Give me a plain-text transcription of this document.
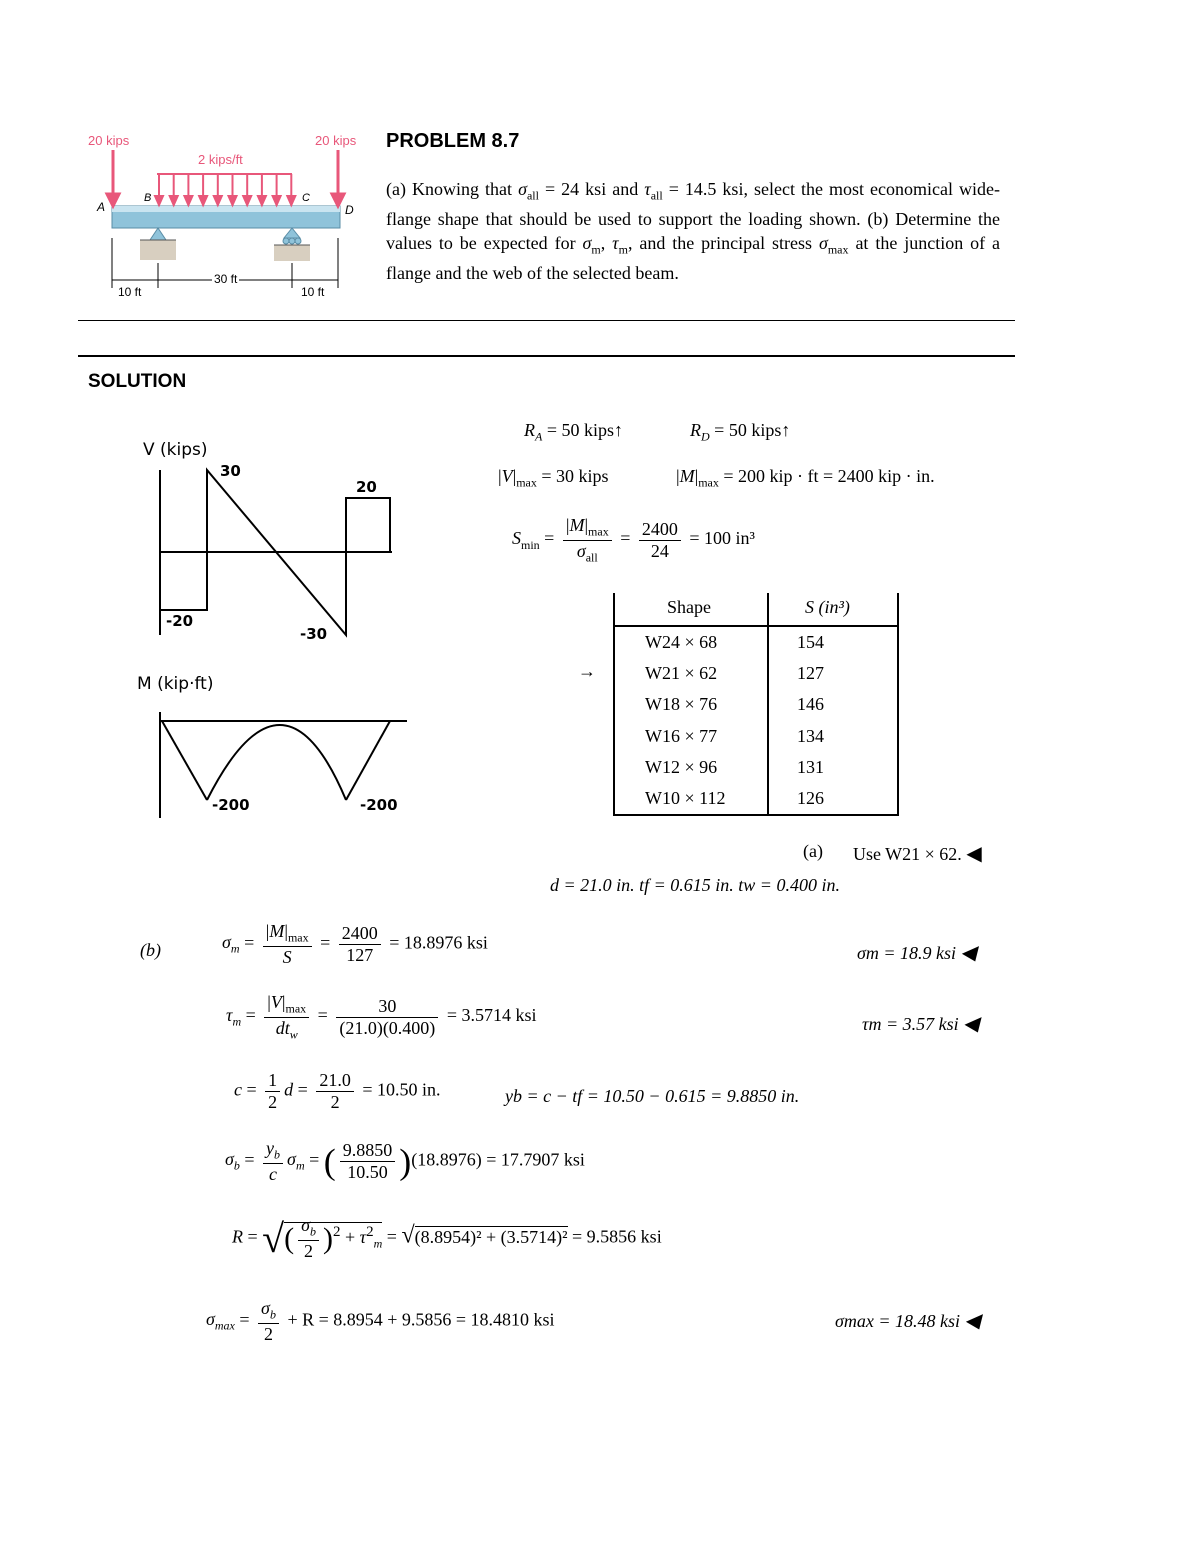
20 kips	20 kips
2 kips/ft
A
B	C
D
10 ft
30 ft
10 ft
PROBLEM 8.7
(a) Knowing that $\sigma_{all} = 24$ ksi and $\tau_{all} = 14.5$ ksi, select the most economical wide-flange shape that should be used to support the loading shown. (b) Determine the values to be expected for $\sigma_m$, $\tau_m$, and the principal stress $\sigma_{max}$ at the junction of a flange and the web of the selected beam.
SOLUTION
V (kips)
30
20
-20
-30
M (kip·ft)
-200	-200
$R_A = 50$ kips↑	$R_D = 50$ kips↑
$|V|_{max} = 30$ kips	$|M|_{max} = 200$ kip · ft = 2400 kip · in.
$S_{min} = \frac{|M|_{max}}{\sigma_{all}} = \frac{2400}{24} = 100$ in³
→
Shape	S (in³)
W24 × 68	154
W21 × 62	127
W18 × 76	146
W16 × 77	134
W12 × 96	131
W10 × 112	126
(a) Use W21 × 62. ◀
d = 21.0 in. tf = 0.615 in. tw = 0.400 in.
(b)	$\sigma_m = \frac{|M|_{max}}{S} = \frac{2400}{127} = 18.8976$ ksi
σm = 18.9 ksi ◀
$\tau_m = \frac{|V|_{max}}{dt_w} = \frac{30}{(21.0)(0.400)} = 3.5714$ ksi	τm = 3.57 ksi ◀
$c = \frac{1}{2}$ $d = \frac{21.0}{2} = 10.50$ in.	yb = c − tf = 10.50 − 0.615 = 9.8850 in.
$\sigma_b = \frac{y_b}{c} \sigma_m$ = ( $\frac{9.8850}{10.50} )(18.8976) = 17.7907$ ksi
R = √( $\frac{\sigma_b}{2} )^2 + \tau^2_m = √(8.8954)^2 + (3.5714)^2 = 9.5856$ ksi
$\sigma_{max} = \frac{\sigma_b}{2} + R = 8.8954 + 9.5856 = 18.4810$ ksi	σmax = 18.48 ksi ◀
